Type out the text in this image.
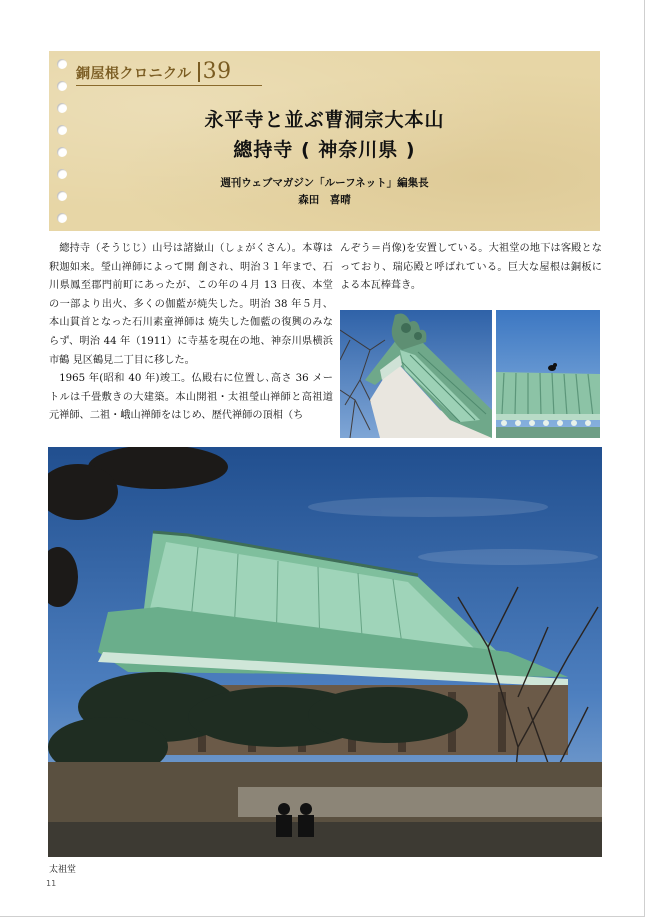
銅屋根クロニクル 39
永平寺と並ぶ曹洞宗大本山
總持寺 ( 神奈川県 )
週刊ウェブマガジン「ルーフネット」編集長
森田　喜晴

總持寺（そうじじ）山号は諸嶽山（しょがくさん）。本尊は釈迦如来。瑩山禅師によって開 創され、明治３１年まで、石川県鳳至郡門前町にあったが、この年の４月 13 日夜、本堂の一部より出火、多くの伽藍が焼失した。明治 38 年５月、本山貫首となった石川素童禅師は 焼失した伽藍の復興のみならず、明治 44 年（1911）に寺基を現在の地、神奈川県横浜市鶴 見区鶴見二丁目に移した。

1965 年(昭和 40 年)竣工。仏殿右に位置し､高さ 36 メートルは千畳敷きの大建築。本山開祖・太祖瑩山禅師と高祖道元禅師、二祖・峨山禅師をはじめ、歴代禅師の頂相（ち

んぞう＝肖像)を安置している。大祖堂の地下は客殿となっており、瑞応殿と呼ばれている。巨大な屋根は銅板による本瓦棒葺き。

太祖堂
11
